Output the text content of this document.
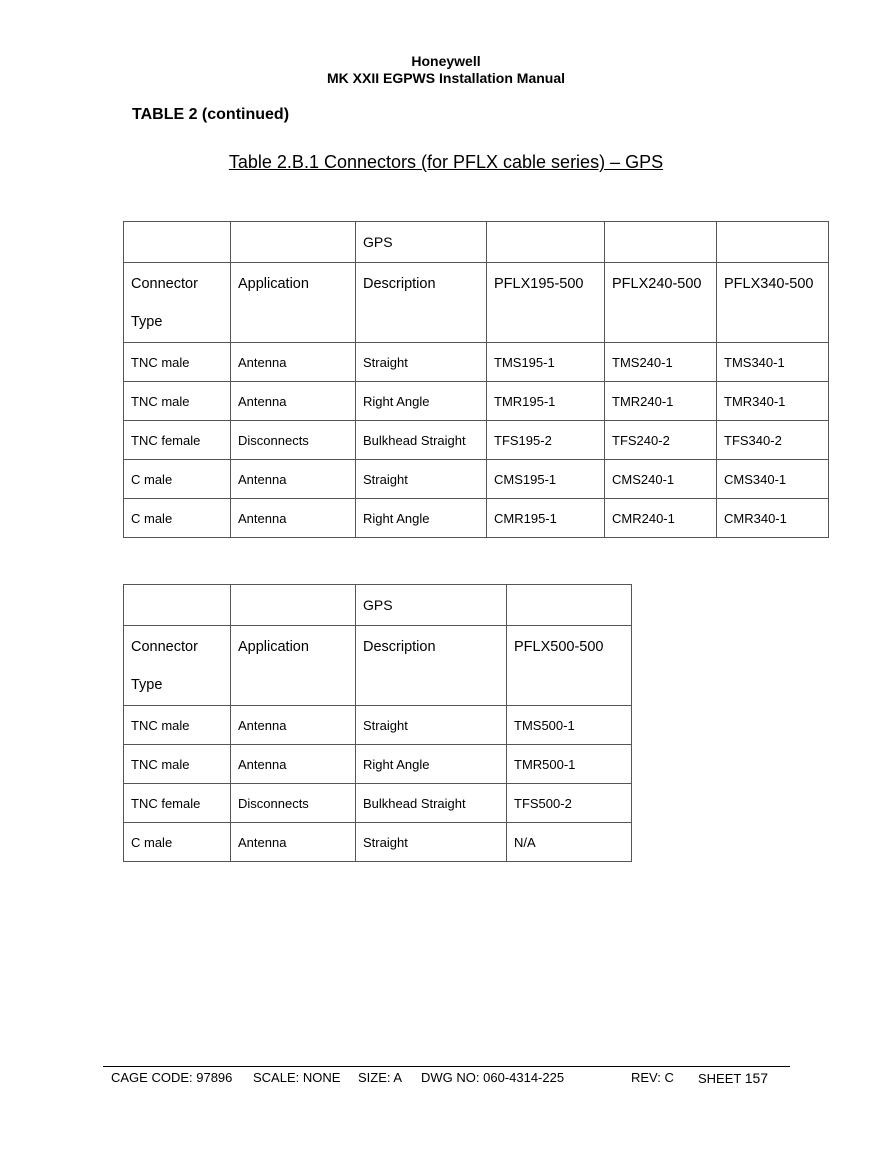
Honeywell
MK XXII EGPWS Installation Manual
TABLE 2 (continued)
Table 2.B.1 Connectors (for PFLX cable series) – GPS
		GPS			
Connector
Type	Application	Description	PFLX195-500	PFLX240-500	PFLX340-500
TNC male	Antenna	Straight	TMS195-1	TMS240-1	TMS340-1
TNC male	Antenna	Right Angle	TMR195-1	TMR240-1	TMR340-1
TNC female	Disconnects	Bulkhead Straight	TFS195-2	TFS240-2	TFS340-2
C male	Antenna	Straight	CMS195-1	CMS240-1	CMS340-1
C male	Antenna	Right Angle	CMR195-1	CMR240-1	CMR340-1
		GPS	
Connector
Type	Application	Description	PFLX500-500
TNC male	Antenna	Straight	TMS500-1
TNC male	Antenna	Right Angle	TMR500-1
TNC female	Disconnects	Bulkhead Straight	TFS500-2
C male	Antenna	Straight	N/A
CAGE CODE: 97896 SCALE: NONE SIZE: A DWG NO: 060-4314-225	REV: C SHEET 157
